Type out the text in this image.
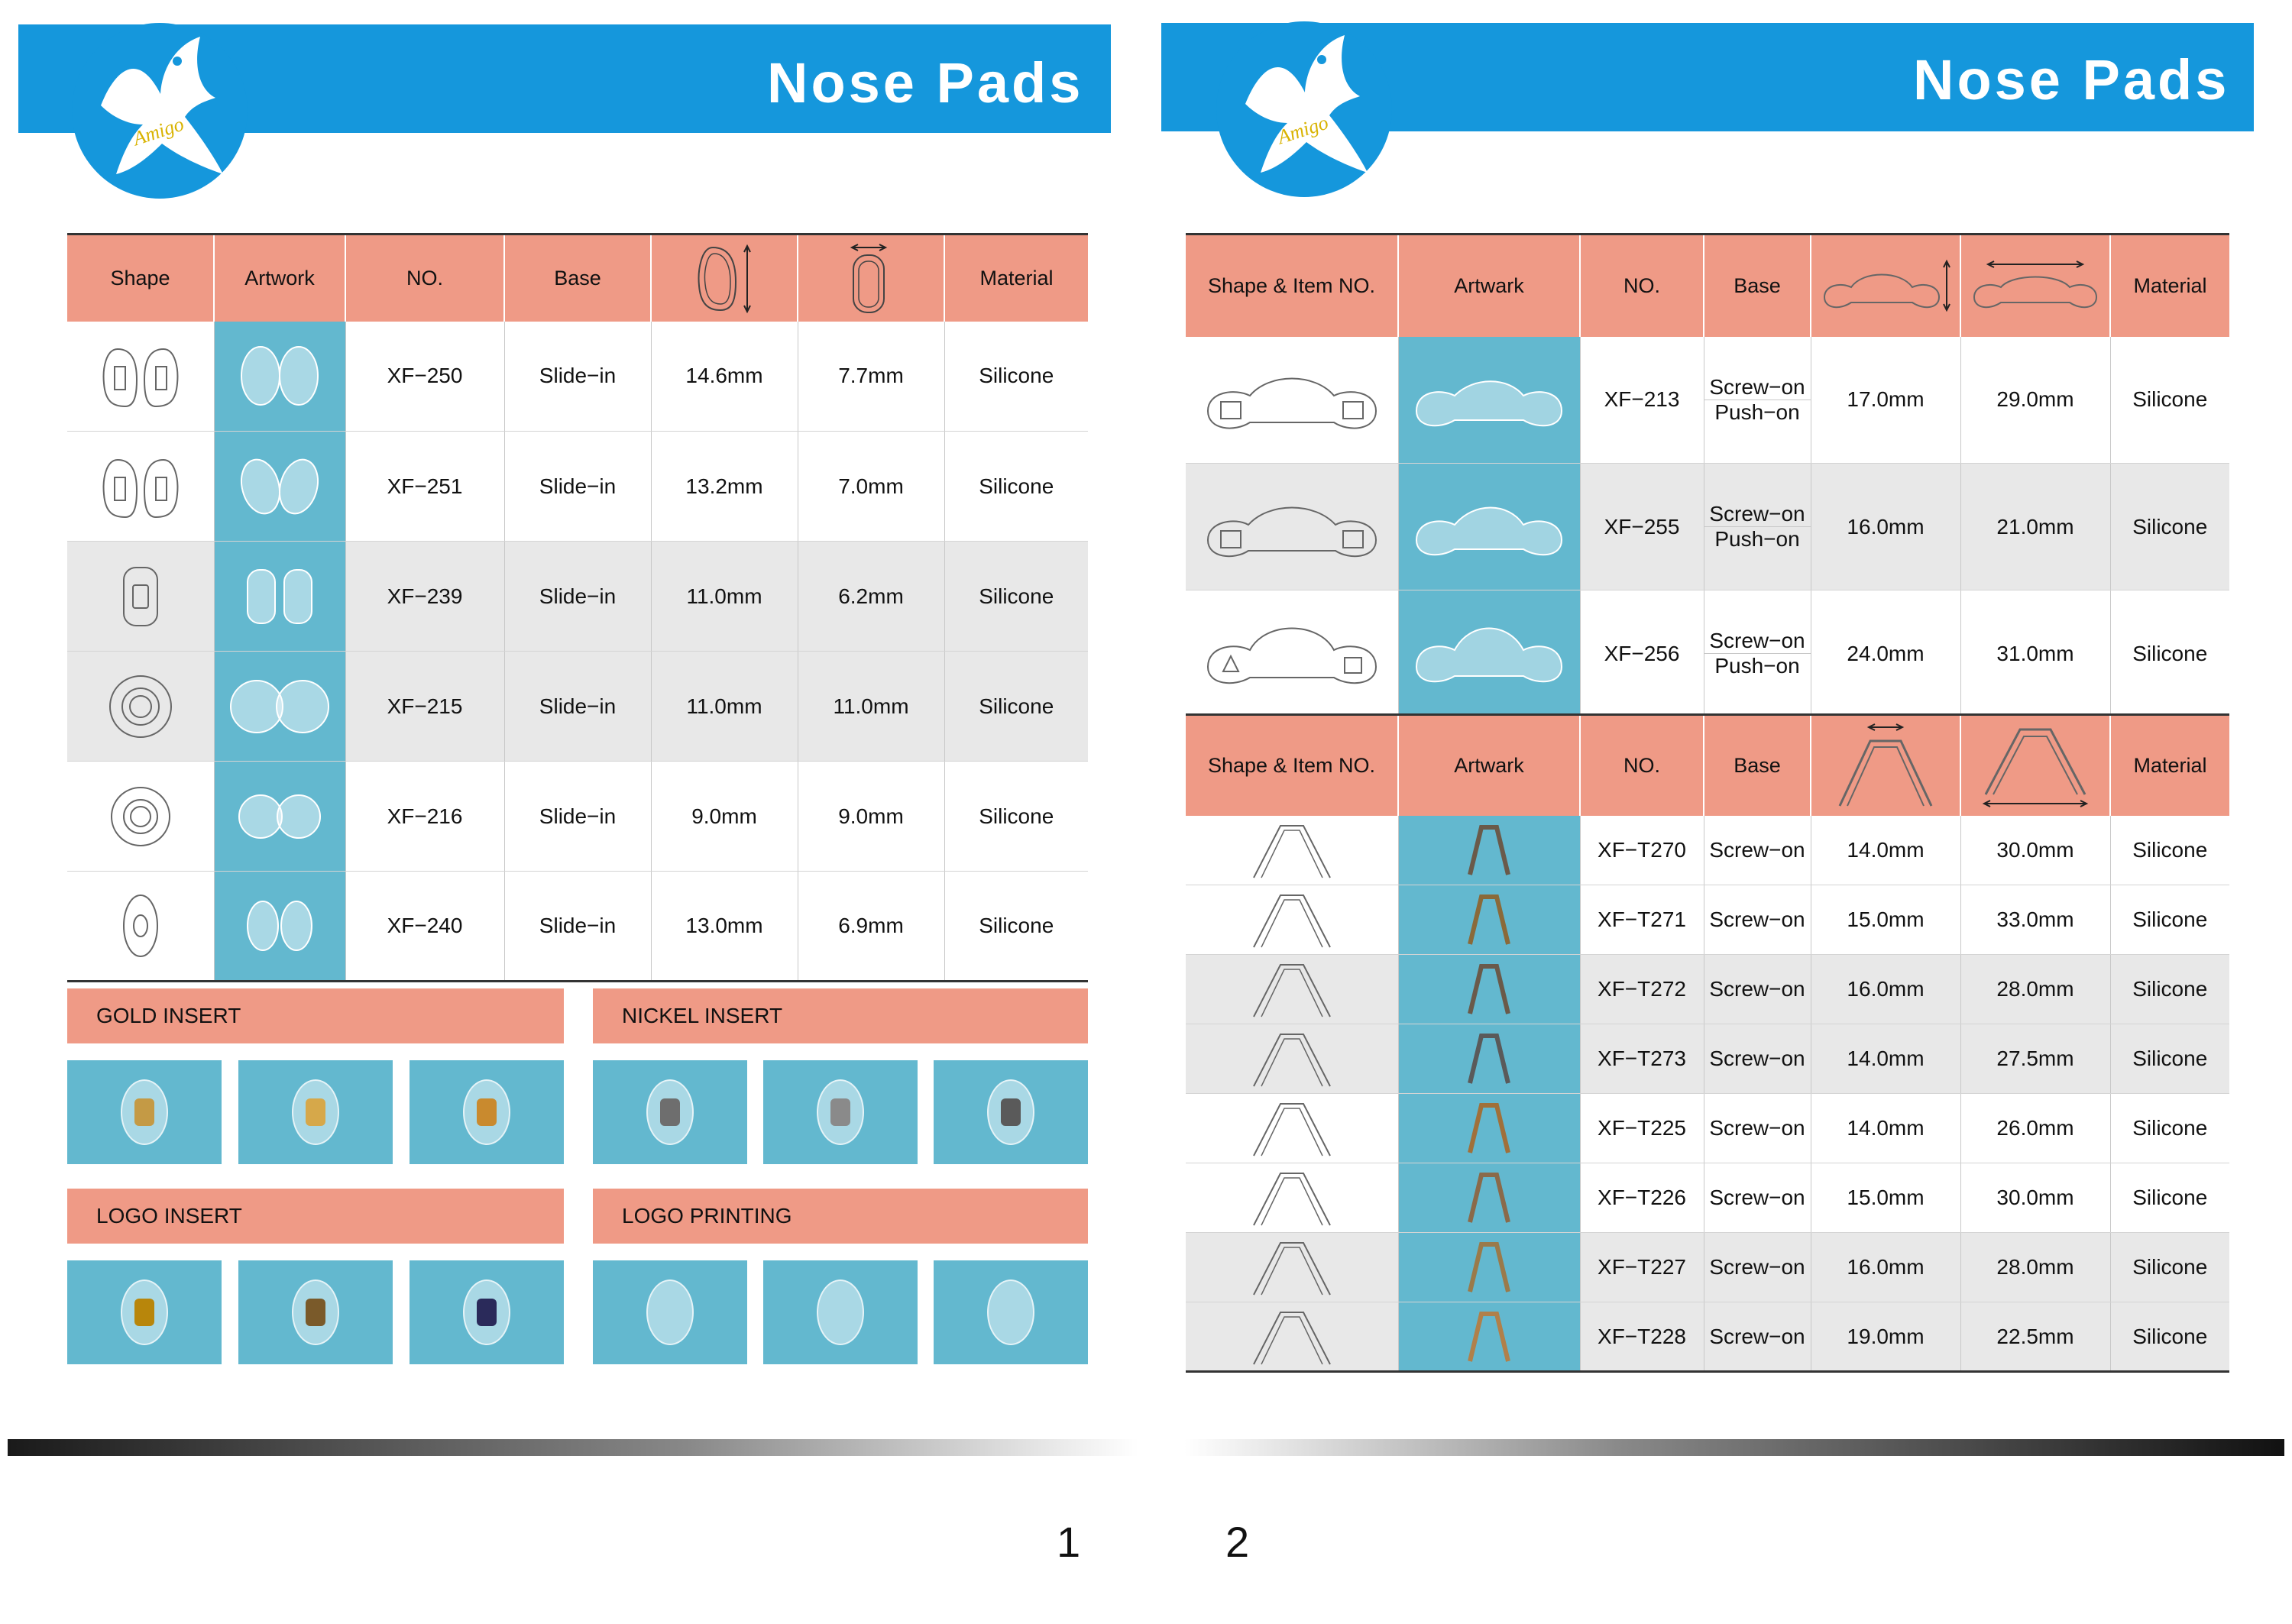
Nose Pads
Amigo
Shape	Artwork	NO.	Base			Material

	XF−250	Slide−in	14.6mm	7.7mm	Silicone

	XF−251	Slide−in	13.2mm	7.0mm	Silicone

	XF−239	Slide−in	11.0mm	6.2mm	Silicone

	XF−215	Slide−in	11.0mm	11.0mm	Silicone

	XF−216	Slide−in	9.0mm	9.0mm	Silicone

	XF−240	Slide−in	13.0mm	6.9mm	Silicone
GOLD INSERT	NICKEL INSERT
LOGO INSERT	LOGO PRINTING
Nose Pads
Amigo
Shape & Item NO.	Artwark	NO.	Base			Material

	XF−213	Screw−on
Push−on	17.0mm	29.0mm	Silicone

	XF−255	Screw−on
Push−on	16.0mm	21.0mm	Silicone

	XF−256	Screw−on
Push−on	24.0mm	31.0mm	Silicone
Shape & Item NO.	Artwark	NO.	Base			Material

	XF−T270	Screw−on	14.0mm	30.0mm	Silicone

	XF−T271	Screw−on	15.0mm	33.0mm	Silicone

	XF−T272	Screw−on	16.0mm	28.0mm	Silicone

	XF−T273	Screw−on	14.0mm	27.5mm	Silicone

	XF−T225	Screw−on	14.0mm	26.0mm	Silicone

	XF−T226	Screw−on	15.0mm	30.0mm	Silicone

	XF−T227	Screw−on	16.0mm	28.0mm	Silicone

	XF−T228	Screw−on	19.0mm	22.5mm	Silicone
1	2
